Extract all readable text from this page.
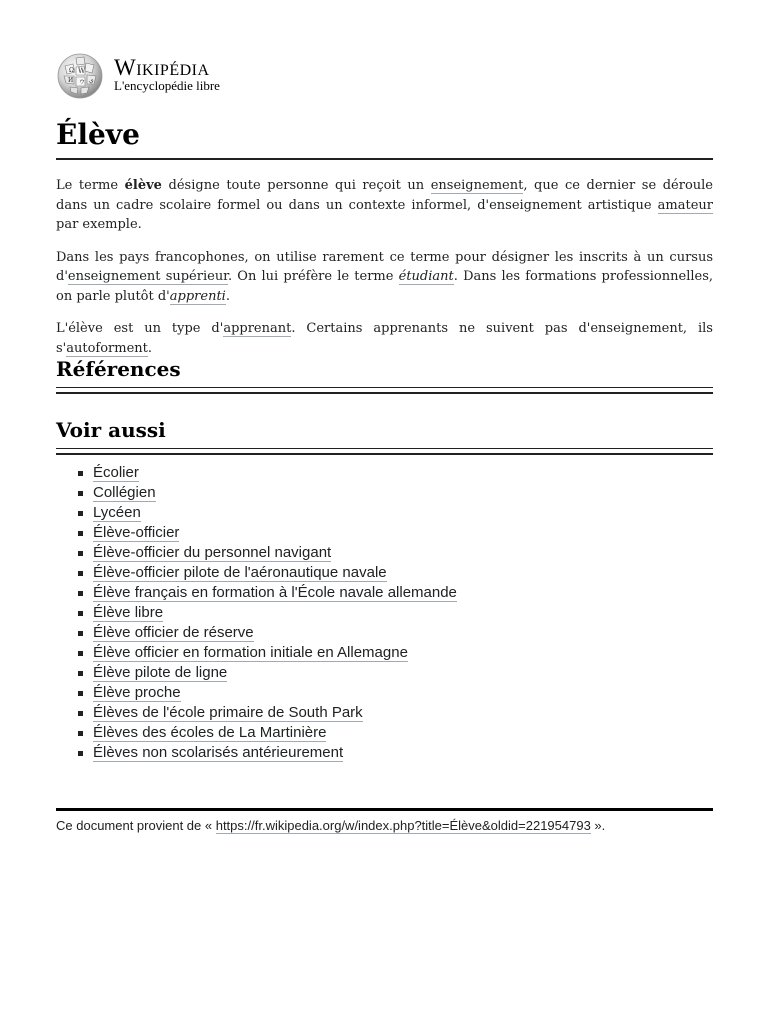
Ω W
И ウ ي
Wikipédia
L'encyclopédie libre
Élève

Le terme élève désigne toute personne qui reçoit un enseignement, que ce dernier se déroule dans un cadre scolaire formel ou dans un contexte informel, d'enseignement artistique amateur par exemple.

Dans les pays francophones, on utilise rarement ce terme pour désigner les inscrits à un cursus d'enseignement supérieur. On lui préfère le terme étudiant. Dans les formations professionnelles, on parle plutôt d'apprenti.

L'élève est un type d'apprenant. Certains apprenants ne suivent pas d'enseignement, ils s'autoforment.

Références
Voir aussi
Écolier
Collégien
Lycéen
Élève-officier
Élève-officier du personnel navigant
Élève-officier pilote de l'aéronautique navale
Élève français en formation à l'École navale allemande
Élève libre
Élève officier de réserve
Élève officier en formation initiale en Allemagne
Élève pilote de ligne
Élève proche
Élèves de l'école primaire de South Park
Élèves des écoles de La Martinière
Élèves non scolarisés antérieurement
Ce document provient de « https://fr.wikipedia.org/w/index.php?title=Élève&oldid=221954793 ».
